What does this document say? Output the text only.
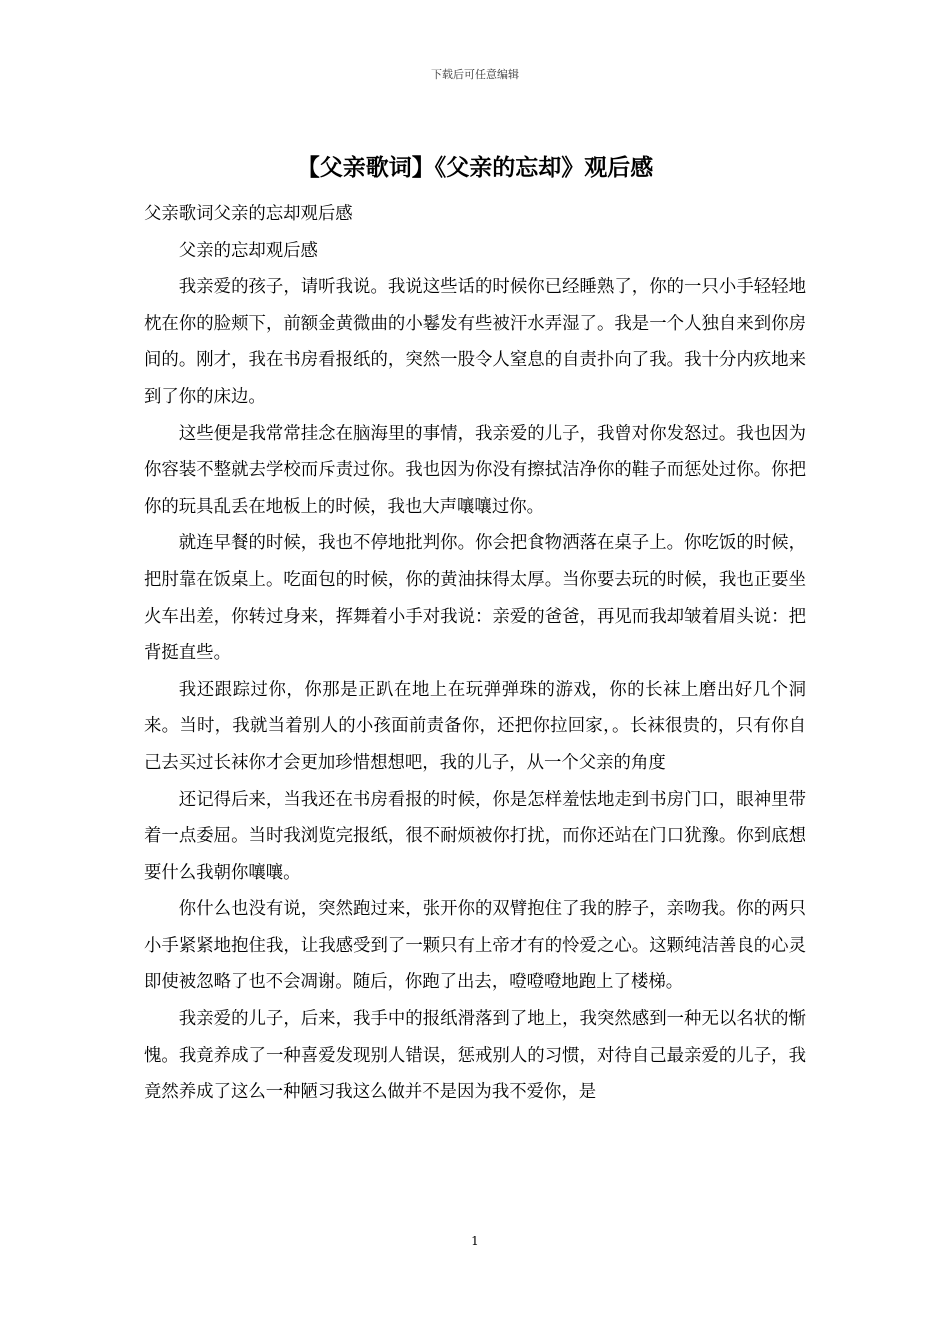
下载后可任意编辑
【父亲歌词】《父亲的忘却》观后感

父亲歌词父亲的忘却观后感

父亲的忘却观后感

我亲爱的孩子，请听我说。我说这些话的时候你已经睡熟了，你的一只小手轻轻地枕在你的脸颊下，前额金黄微曲的小鬈发有些被汗水弄湿了。我是一个人独自来到你房间的。刚才，我在书房看报纸的，突然一股令人窒息的自责扑向了我。我十分内疚地来到了你的床边。

这些便是我常常挂念在脑海里的事情，我亲爱的儿子，我曾对你发怒过。我也因为你容装不整就去学校而斥责过你。我也因为你没有擦拭洁净你的鞋子而惩处过你。你把你的玩具乱丢在地板上的时候，我也大声嚷嚷过你。

就连早餐的时候，我也不停地批判你。你会把食物洒落在桌子上。你吃饭的时候，把肘靠在饭桌上。吃面包的时候，你的黄油抹得太厚。当你要去玩的时候，我也正要坐火车出差，你转过身来，挥舞着小手对我说：亲爱的爸爸，再见而我却皱着眉头说：把背挺直些。

我还跟踪过你，你那是正趴在地上在玩弹弹珠的游戏，你的长袜上磨出好几个洞来。当时，我就当着别人的小孩面前责备你，还把你拉回家，。长袜很贵的，只有你自己去买过长袜你才会更加珍惜想想吧，我的儿子，从一个父亲的角度

还记得后来，当我还在书房看报的时候，你是怎样羞怯地走到书房门口，眼神里带着一点委屈。当时我浏览完报纸，很不耐烦被你打扰，而你还站在门口犹豫。你到底想要什么我朝你嚷嚷。

你什么也没有说，突然跑过来，张开你的双臂抱住了我的脖子，亲吻我。你的两只小手紧紧地抱住我，让我感受到了一颗只有上帝才有的怜爱之心。这颗纯洁善良的心灵即使被忽略了也不会凋谢。随后，你跑了出去，噔噔噔地跑上了楼梯。

我亲爱的儿子，后来，我手中的报纸滑落到了地上，我突然感到一种无以名状的惭愧。我竟养成了一种喜爱发现别人错误，惩戒别人的习惯，对待自己最亲爱的儿子，我竟然养成了这么一种陋习我这么做并不是因为我不爱你，是

1
